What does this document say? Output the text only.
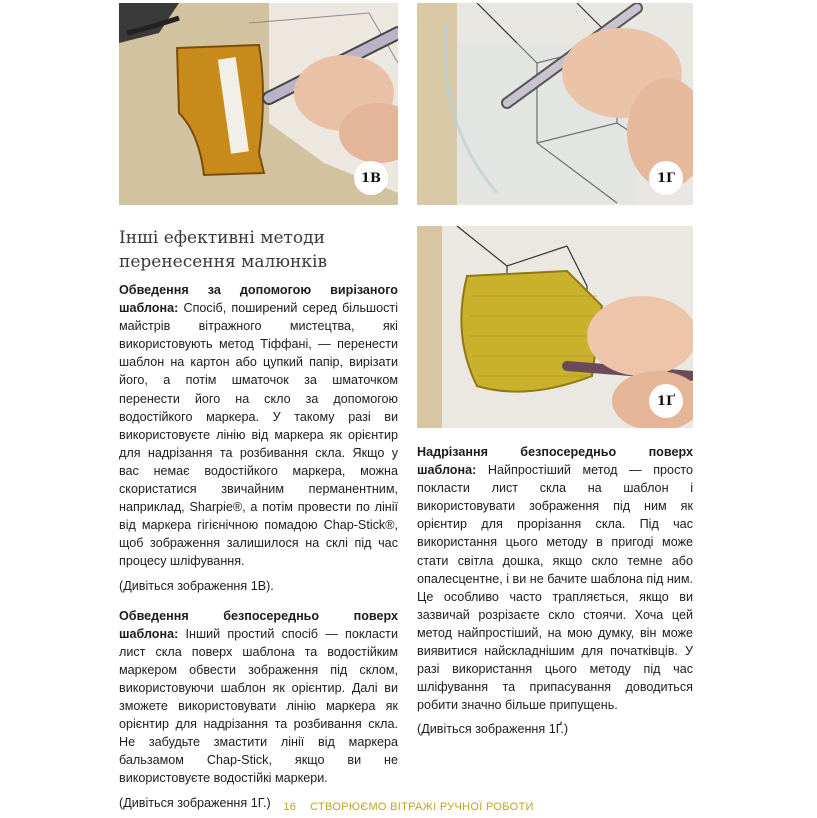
1В	1Г
1Ґ
Інші ефективні методи перенесення малюнків

Обведення за допомогою вирізаного шаблона: Спосіб, поширений серед більшості майстрів вітражного мистецтва, які використовують метод Тіффані, — перенести шаблон на картон або цупкий папір, вирізати його, а потім шматочок за шматочком перенести його на скло за допомогою водостійкого маркера. У такому разі ви використовуєте лінію від маркера як орієнтир для надрізання та розбивання скла. Якщо у вас немає водостійкого маркера, можна скористатися звичайним перманентним, наприклад, Sharpie®, а потім провести по лінії від маркера гігієнічною помадою Chap-Stick®, щоб зображення залишилося на склі під час процесу шліфування.

(Дивіться зображення 1В).

Обведення безпосередньо поверх шаблона: Інший простий спосіб — покласти лист скла поверх шаблона та водостійким маркером обвести зображення під склом, використовуючи шаблон як орієнтир. Далі ви зможете використовувати лінію маркера як орієнтир для надрізання та розбивання скла. Не забудьте змастити лінії від маркера бальзамом Chap-Stick, якщо ви не використовуєте водостійкі маркери.

(Дивіться зображення 1Г.)

Надрізання безпосередньо поверх шаблона: Найпростіший метод — просто покласти лист скла на шаблон і використовувати зображення під ним як орієнтир для прорізання скла. Під час використання цього методу в пригоді може стати світла дошка, якщо скло темне або опалесцентне, і ви не бачите шаблона під ним. Це особливо часто трапляється, якщо ви зазвичай розрізаєте скло стоячи. Хоча цей метод найпростіший, на мою думку, він може виявитися найскладнішим для початківців. У разі використання цього методу під час шліфування та припасування доводиться робити значно більше припущень.

(Дивіться зображення 1Ґ.)

16 СТВОРЮЄМО ВІТРАЖІ РУЧНОЇ РОБОТИ
